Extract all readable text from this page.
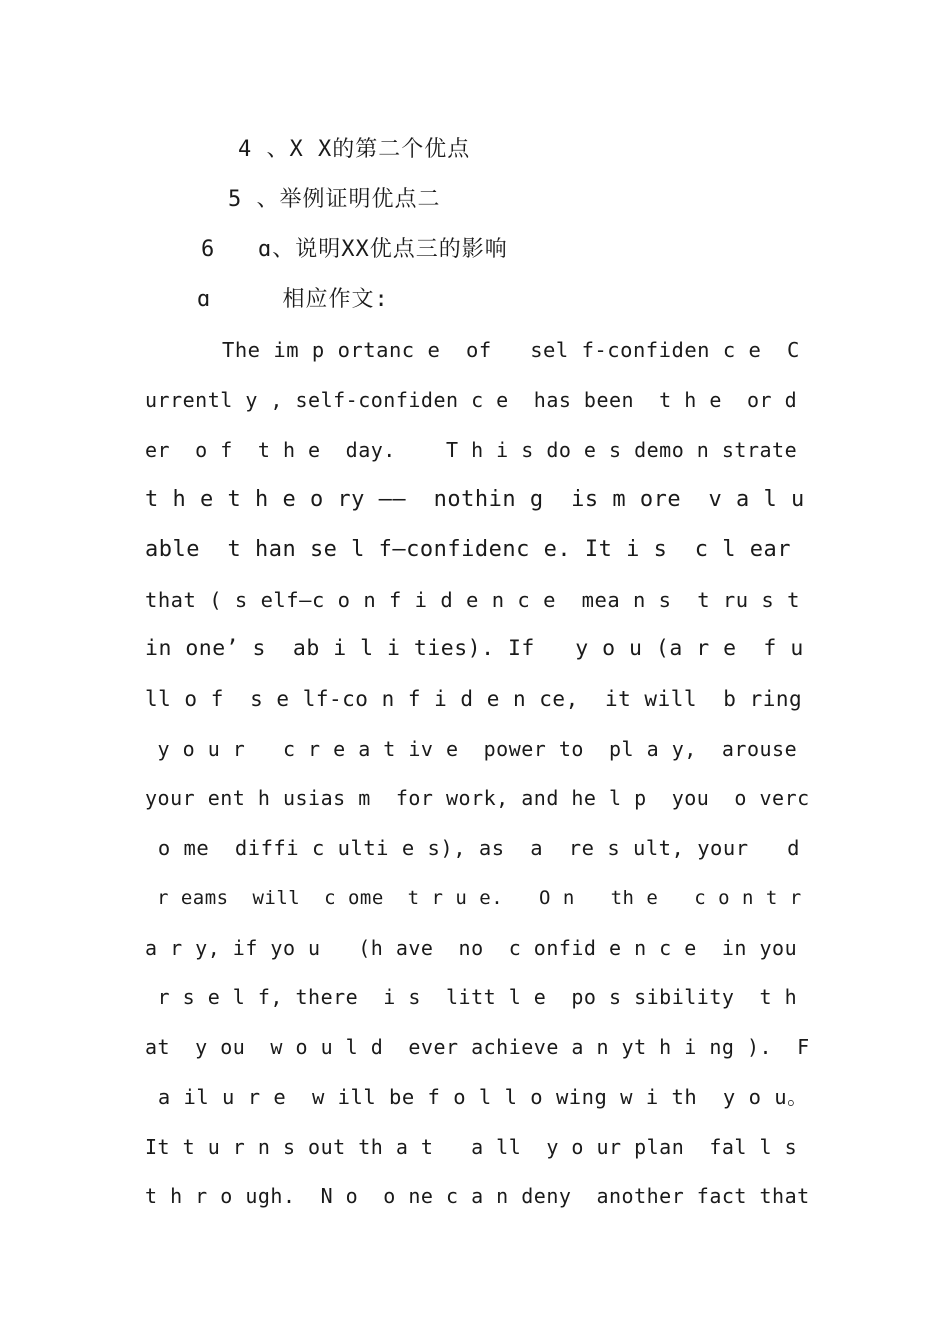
4 、X X的第二个优点
5 、举例证明优点二
6   ɑ、说明XX优点三的影响
ɑ     相应作文:
The im p ortanc e  of   sel f-confiden c e  C
urrentl y , self-confiden c e  has been  t h e  or d
er  o f  t h e  day.    T h i s do e s demo n strate
t h e t h e o ry ——  nothin g  is m ore  v a l u
able  t han se l f—confidenc e. It i s  c l ear
that ( s elf—c o n f i d e n c e  mea n s  t ru s t
in one’ s  ab i l i ties). If   y o u (a r e  f u
ll o f  s e lf-co n f i d e n ce,  it will  b ring
y o u r   c r e a t iv e  power to  pl a y,  arouse
your ent h usias m  for work, and he l p  you  o verc
o me  diffi c ulti e s), as  a  re s ult, your   d
r eams  will  c ome  t r u e.   O n   th e   c o n t r
a r y, if yo u   (h ave  no  c onfid e n c e  in you
r s e l f, there  i s  litt l e  po s sibility  t h
at  y ou  w o u l d  ever achieve a n yt h i ng ).  F
a il u r e  w ill be f o l l o wing w i th  y o u。
It t u r n s out th a t   a ll  y o ur plan  fal l s
t h r o ugh.  N o  o ne c a n deny  another fact that
